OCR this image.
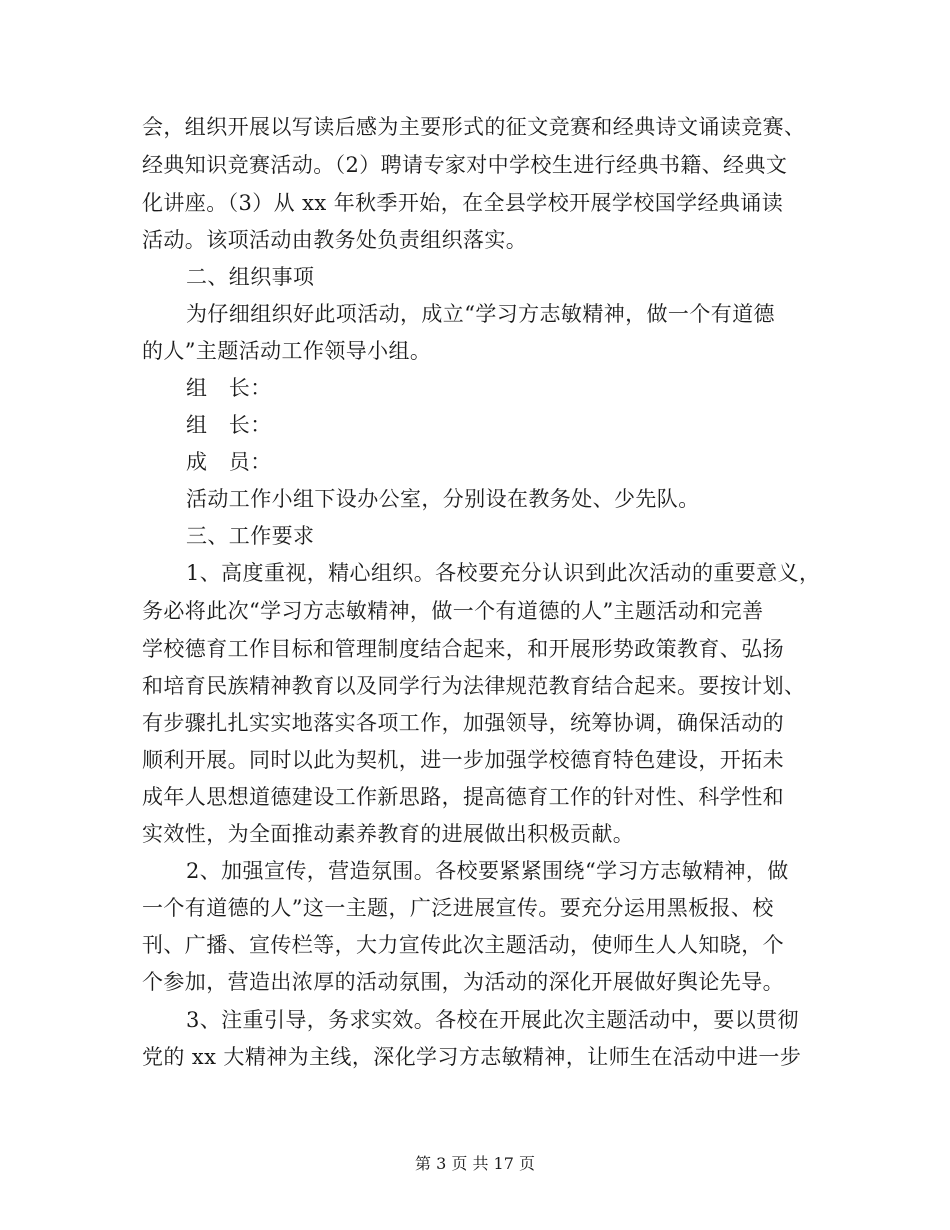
会，组织开展以写读后感为主要形式的征文竞赛和经典诗文诵读竞赛、
经典知识竞赛活动。（2）聘请专家对中学校生进行经典书籍、经典文
化讲座。（3）从 xx 年秋季开始，在全县学校开展学校国学经典诵读
活动。该项活动由教务处负责组织落实。
二、组织事项
为仔细组织好此项活动，成立“学习方志敏精神，做一个有道德
的人”主题活动工作领导小组。
组　长：
组　长：
成　员：
活动工作小组下设办公室，分别设在教务处、少先队。
三、工作要求
1、高度重视，精心组织。各校要充分认识到此次活动的重要意义，
务必将此次“学习方志敏精神，做一个有道德的人”主题活动和完善
学校德育工作目标和管理制度结合起来，和开展形势政策教育、弘扬
和培育民族精神教育以及同学行为法律规范教育结合起来。要按计划、
有步骤扎扎实实地落实各项工作，加强领导，统筹协调，确保活动的
顺利开展。同时以此为契机，进一步加强学校德育特色建设，开拓未
成年人思想道德建设工作新思路，提高德育工作的针对性、科学性和
实效性，为全面推动素养教育的进展做出积极贡献。
2、加强宣传，营造氛围。各校要紧紧围绕“学习方志敏精神，做
一个有道德的人”这一主题，广泛进展宣传。要充分运用黑板报、校
刊、广播、宣传栏等，大力宣传此次主题活动，使师生人人知晓，个
个参加，营造出浓厚的活动氛围，为活动的深化开展做好舆论先导。
3、注重引导，务求实效。各校在开展此次主题活动中，要以贯彻
党的 xx 大精神为主线，深化学习方志敏精神，让师生在活动中进一步
第 3 页 共 17 页
